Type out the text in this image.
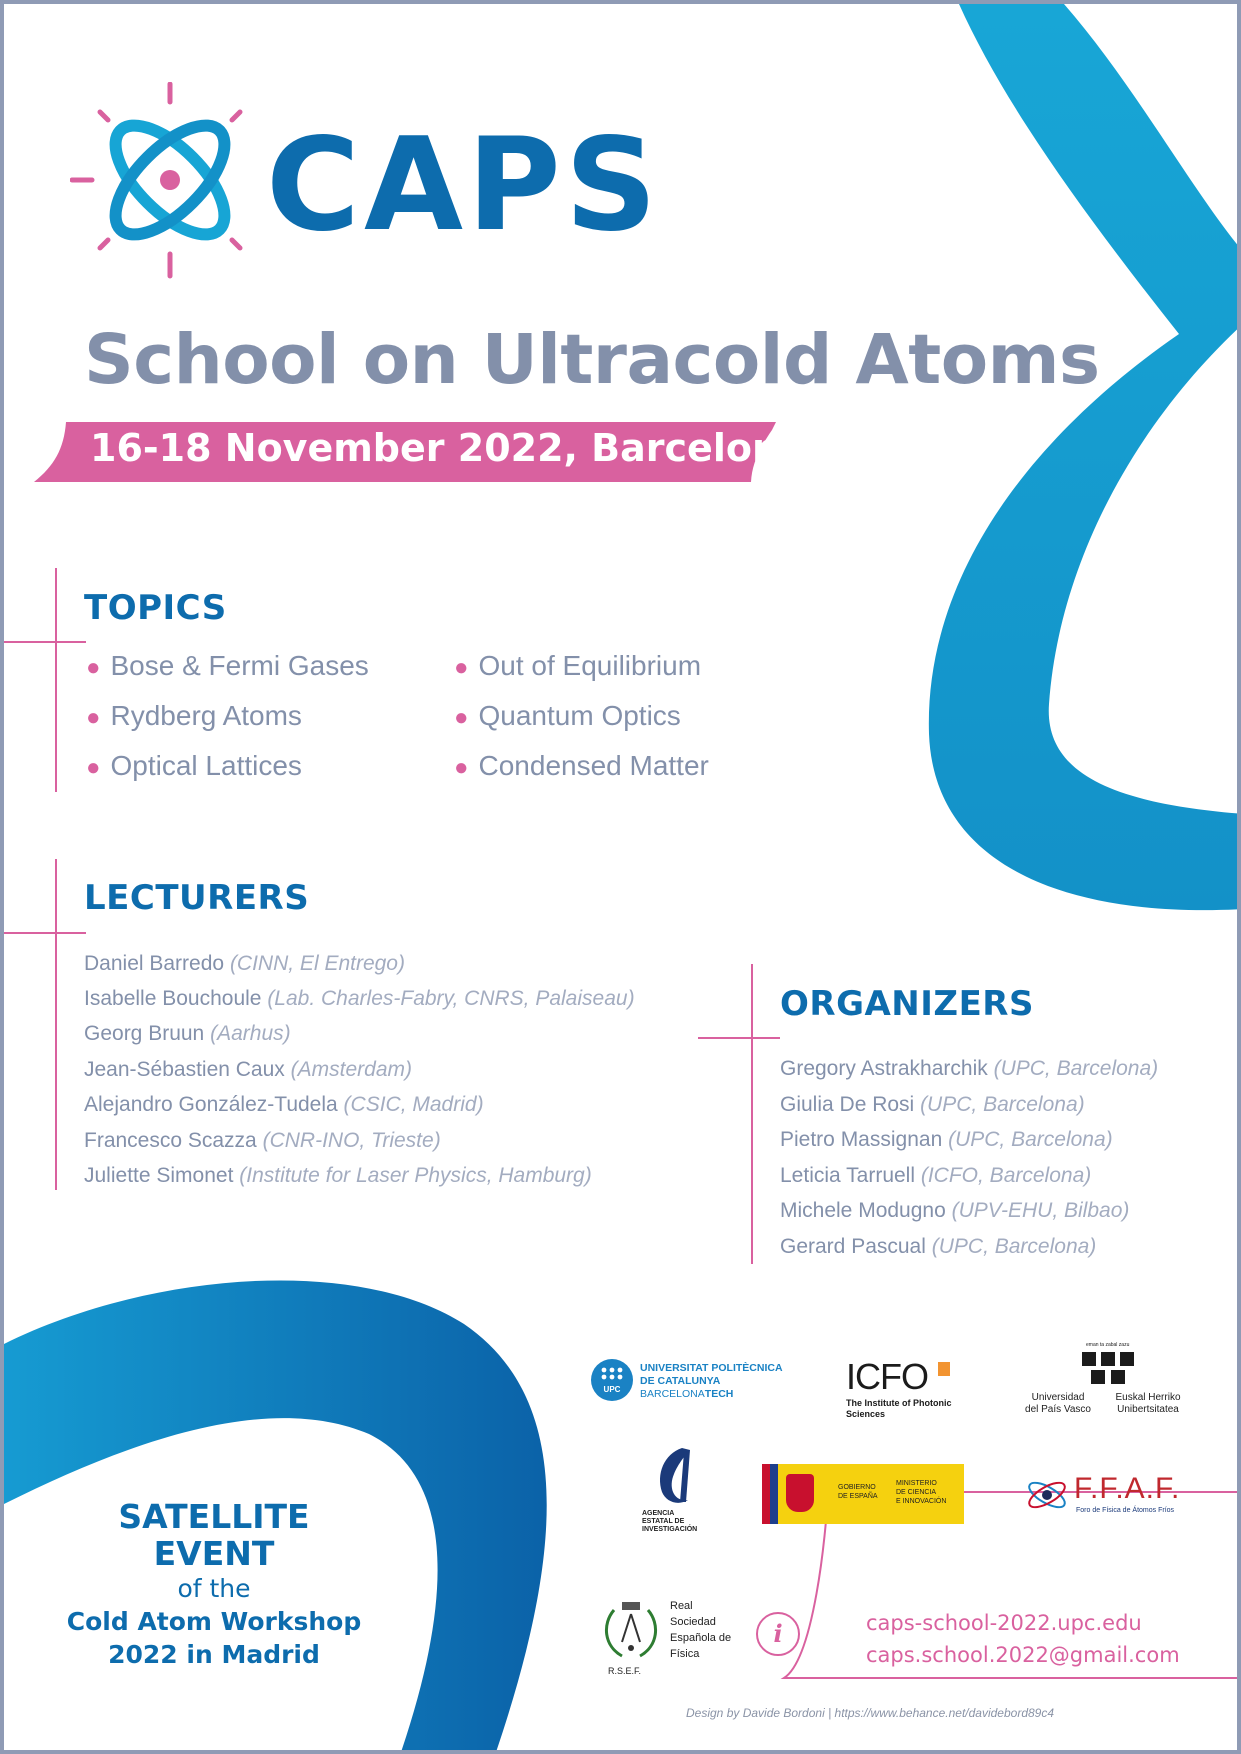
CAPS
School on Ultracold Atoms
16-18 November 2022, Barcelona
TOPICS
● Bose & Fermi Gases
● Rydberg Atoms
● Optical Lattices
● Out of Equilibrium
● Quantum Optics
● Condensed Matter
LECTURERS
Daniel Barredo (CINN, El Entrego)
Isabelle Bouchoule (Lab. Charles-Fabry, CNRS, Palaiseau)
Georg Bruun (Aarhus)
Jean-Sébastien Caux (Amsterdam)
Alejandro González-Tudela (CSIC, Madrid)
Francesco Scazza (CNR-INO, Trieste)
Juliette Simonet (Institute for Laser Physics, Hamburg)
ORGANIZERS
Gregory Astrakharchik (UPC, Barcelona)
Giulia De Rosi (UPC, Barcelona)
Pietro Massignan (UPC, Barcelona)
Leticia Tarruell (ICFO, Barcelona)
Michele Modugno (UPV-EHU, Bilbao)
Gerard Pascual (UPC, Barcelona)
SATELLITE
EVENT
of the
Cold Atom Workshop
2022 in Madrid
UPC
UNIVERSITAT POLITÈCNICA
DE CATALUNYA
BARCELONATECH	ICFO
The Institute of Photonic
Sciences
eman ta zabal zazu
Universidad
del País Vasco
Euskal Herriko
Unibertsitatea
AGENCIA
ESTATAL DE
INVESTIGACIÓN
GOBIERNO
DE ESPAÑA
MINISTERIO
DE CIENCIA
E INNOVACIÓN	F.F.A.F.
Foro de Física de Átomos Fríos
R.S.E.F.
Real
Sociedad
Española de
Física
i	caps-school-2022.upc.edu
caps.school.2022@gmail.com
Design by Davide Bordoni | https://www.behance.net/davidebord89c4
